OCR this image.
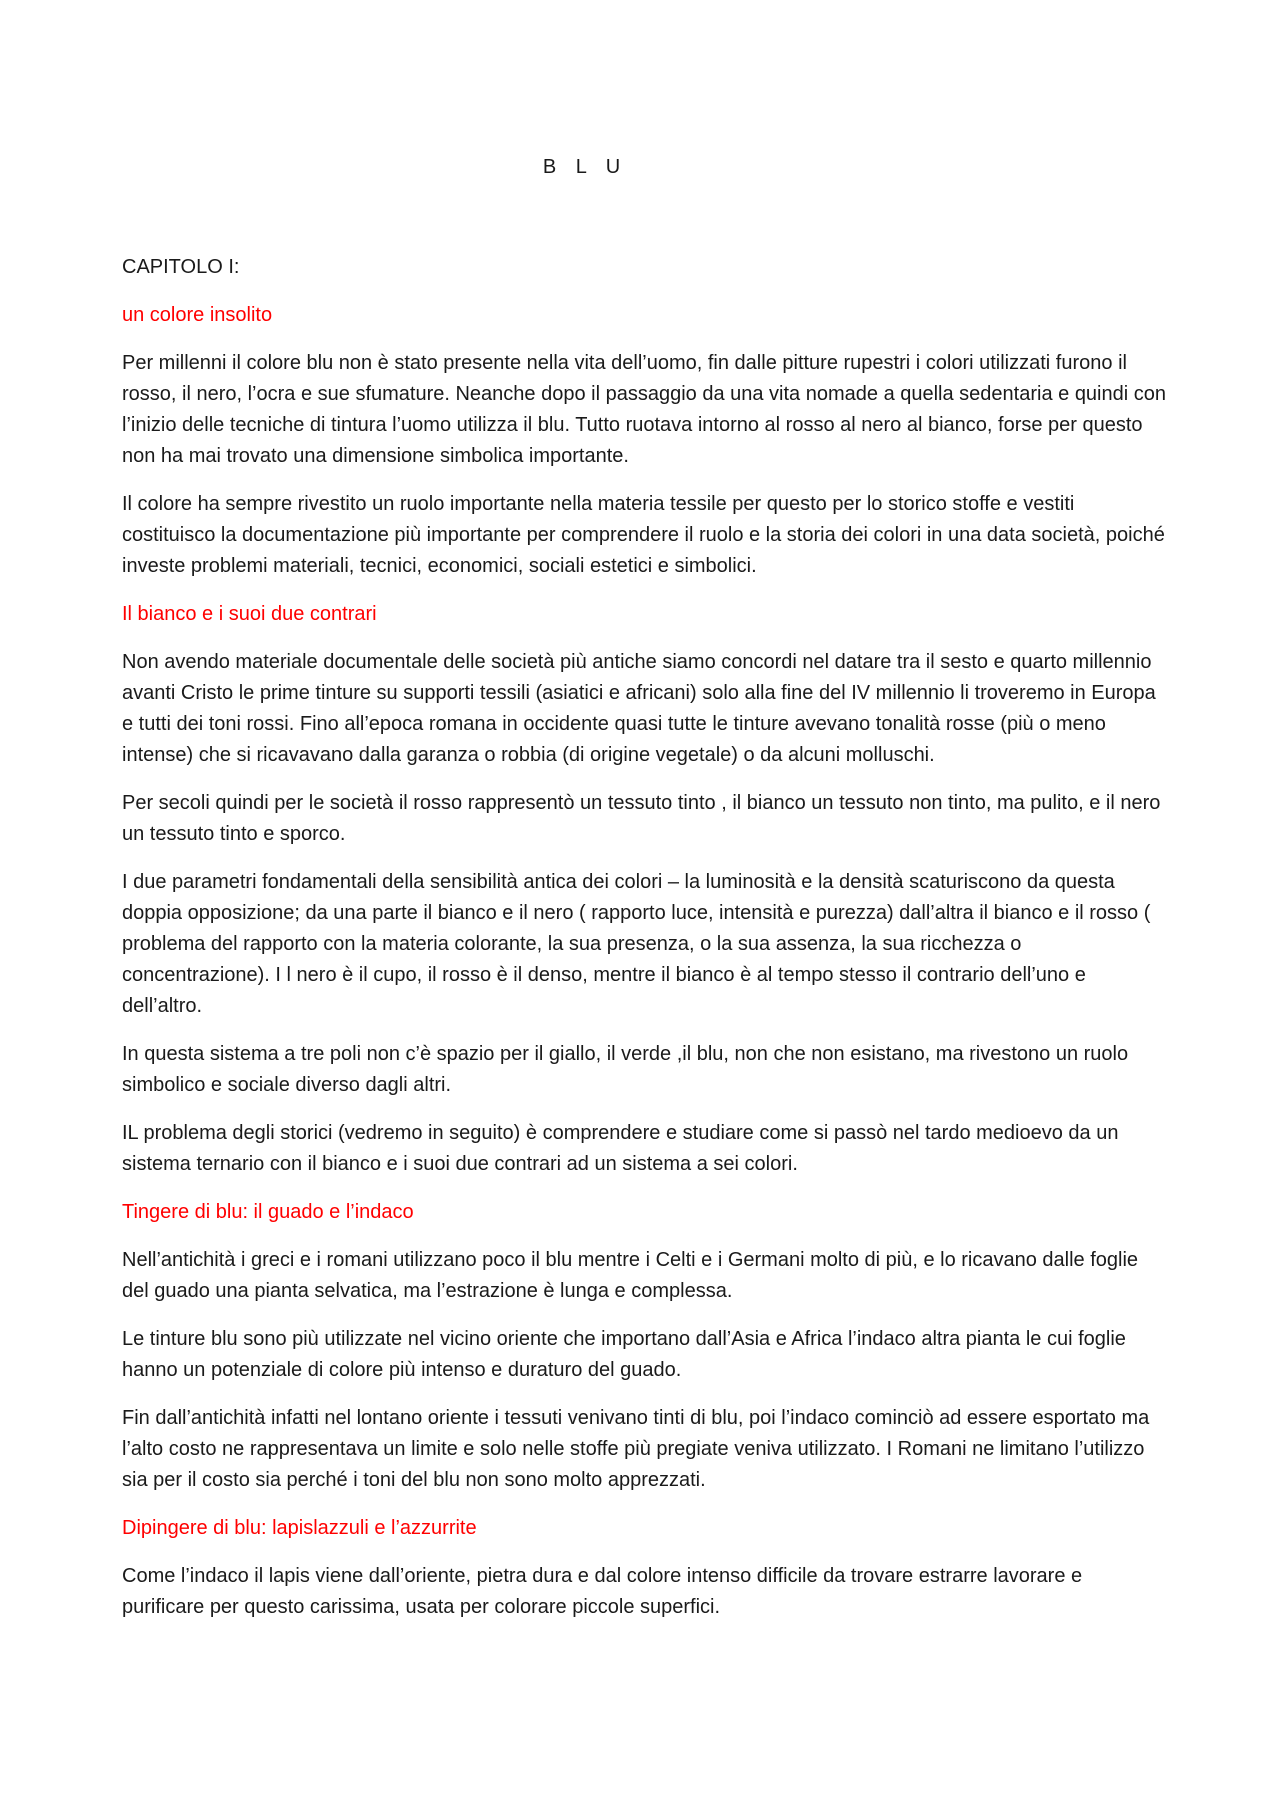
B L U

CAPITOLO I:

un colore insolito

Per millenni il colore blu non è stato presente nella vita dell’uomo, fin dalle pitture rupestri i colori utilizzati furono il rosso, il nero, l’ocra e sue sfumature. Neanche dopo il passaggio da una vita nomade a quella sedentaria e quindi con l’inizio delle tecniche di tintura l’uomo utilizza il blu. Tutto ruotava intorno al rosso al nero al bianco, forse per questo non ha mai trovato una dimensione simbolica importante.

Il colore ha sempre rivestito un ruolo importante nella materia tessile per questo per lo storico stoffe e vestiti costituisco la documentazione più importante per comprendere il ruolo e la storia dei colori in una data società, poiché investe problemi materiali, tecnici, economici, sociali estetici e simbolici.

Il bianco e i suoi due contrari

Non avendo materiale documentale delle società più antiche siamo concordi nel datare tra il sesto e quarto millennio avanti Cristo le prime tinture su supporti tessili (asiatici e africani) solo alla fine del IV millennio li troveremo in Europa e tutti dei toni rossi. Fino all’epoca romana in occidente quasi tutte le tinture avevano tonalità rosse (più o meno intense) che si ricavavano dalla garanza o robbia (di origine vegetale) o da alcuni molluschi.

Per secoli quindi per le società il rosso rappresentò un tessuto tinto , il bianco un tessuto non tinto, ma pulito, e il nero un tessuto tinto e sporco.

I due parametri fondamentali della sensibilità antica dei colori – la luminosità e la densità scaturiscono da questa doppia opposizione; da una parte il bianco e il nero ( rapporto luce, intensità e purezza) dall’altra il bianco e il rosso ( problema del rapporto con la materia colorante, la sua presenza, o la sua assenza, la sua ricchezza o concentrazione). I l nero è il cupo, il rosso è il denso, mentre il bianco è al tempo stesso il contrario dell’uno e dell’altro.

In questa sistema a tre poli non c’è spazio per il giallo, il verde ,il blu, non che non esistano, ma rivestono un ruolo simbolico e sociale diverso dagli altri.

IL problema degli storici (vedremo in seguito) è comprendere e studiare come si passò nel tardo medioevo da un sistema ternario con il bianco e i suoi due contrari ad un sistema a sei colori.

Tingere di blu: il guado e l’indaco

Nell’antichità i greci e i romani utilizzano poco il blu mentre i Celti e i Germani molto di più, e lo ricavano dalle foglie del guado una pianta selvatica, ma l’estrazione è lunga e complessa.

Le tinture blu sono più utilizzate nel vicino oriente che importano dall’Asia e Africa l’indaco altra pianta le cui foglie hanno un potenziale di colore più intenso e duraturo del guado.

Fin dall’antichità infatti nel lontano oriente i tessuti venivano tinti di blu, poi l’indaco cominciò ad essere esportato ma l’alto costo ne rappresentava un limite e solo nelle stoffe più pregiate veniva utilizzato. I Romani ne limitano l’utilizzo sia per il costo sia perché i toni del blu non sono molto apprezzati.

Dipingere di blu: lapislazzuli e l’azzurrite

Come l’indaco il lapis viene dall’oriente, pietra dura e dal colore intenso difficile da trovare estrarre lavorare e purificare per questo carissima, usata per colorare piccole superfici.
